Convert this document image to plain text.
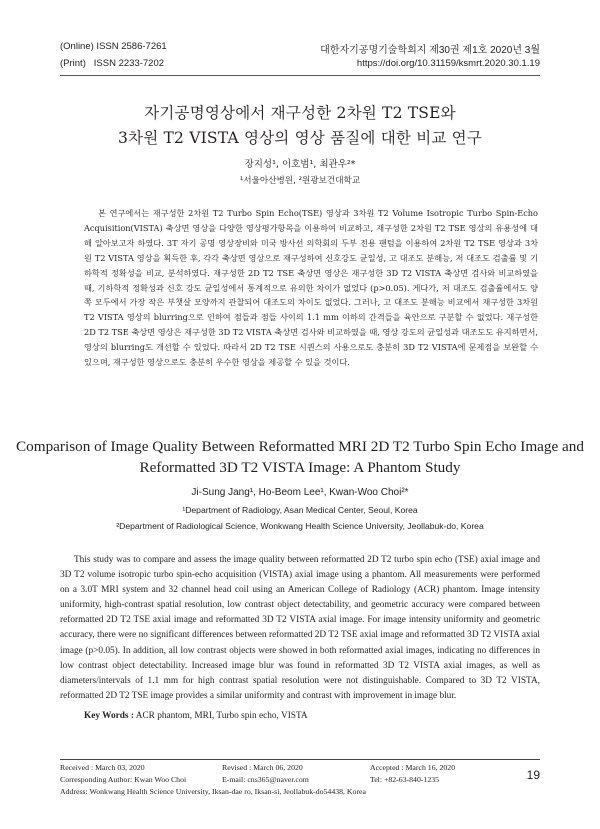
(Online) ISSN 2586-7261
(Print)   ISSN 2233-7202
대한자기공명기술학회지 제30권 제1호 2020년 3월
https://doi.org/10.31159/ksmrt.2020.30.1.19
자기공명영상에서 재구성한 2차원 T2 TSE와
3차원 T2 VISTA 영상의 영상 품질에 대한 비교 연구
장지성¹, 이호범¹, 최관우²*
¹서울아산병원, ²원광보건대학교
본 연구에서는 재구성한 2차원 T2 Turbo Spin Echo(TSE) 영상과 3차원 T2 Volume Isotropic Turbo Spin-Echo Acquisition(VISTA) 축상면 영상을 다양한 영상평가항목을 이용하여 비교하고, 재구성한 2차원 T2 TSE 영상의 유용성에 대해 알아보고자 하였다. 3T 자기 공명 영상장비와 미국 방사선 의학회의 두부 전용 팬텀을 이용하여 2차원 T2 TSE 영상과 3차원 T2 VISTA 영상을 획득한 후, 각각 축상면 영상으로 재구성하여 신호강도 균일성, 고 대조도 분해능, 저 대조도 검출률 및 기하학적 정확성을 비교, 분석하였다. 재구성한 2D T2 TSE 축상면 영상은 재구성한 3D T2 VISTA 축상면 검사와 비교하였을 때, 기하학적 정확성과 신호 강도 균일성에서 통계적으로 유의한 차이가 없었다 (p>0.05). 게다가, 저 대조도 검출률에서도 양쪽 모두에서 가장 작은 부챗살 모양까지 관찰되어 대조도의 차이도 없었다. 그러나, 고 대조도 분해능 비교에서 재구성한 3차원 T2 VISTA 영상의 blurring으로 인하여 점들과 점들 사이의 1.1 mm 이하의 간격들을 육안으로 구분할 수 없었다. 재구성한 2D T2 TSE 축상면 영상은 재구성한 3D T2 VISTA 축상면 검사와 비교하였을 때, 영상 강도의 균일성과 대조도도 유지하면서, 영상의 blurring도 개선할 수 있었다. 따라서 2D T2 TSE 시퀀스의 사용으로도 충분히 3D T2 VISTA에 문제점을 보완할 수 있으며, 재구성한 영상으로도 충분히 우수한 영상을 제공할 수 있을 것이다.
Comparison of Image Quality Between Reformatted MRI 2D T2 Turbo Spin Echo Image and
Reformatted 3D T2 VISTA Image: A Phantom Study
Ji-Sung Jang¹, Ho-Beom Lee¹, Kwan-Woo Choi²*
¹Department of Radiology, Asan Medical Center, Seoul, Korea
²Department of Radiological Science, Wonkwang Health Science University, Jeollabuk-do, Korea
This study was to compare and assess the image quality between reformatted 2D T2 turbo spin echo (TSE) axial image and 3D T2 volume isotropic turbo spin-echo acquisition (VISTA) axial image using a phantom. All measurements were performed on a 3.0T MRI system and 32 channel head coil using an American College of Radiology (ACR) phantom. Image intensity uniformity, high-contrast spatial resolution, low contrast object detectability, and geometric accuracy were compared between reformatted 2D T2 TSE axial image and reformatted 3D T2 VISTA axial image. For image intensity uniformity and geometric accuracy, there were no significant differences between reformatted 2D T2 TSE axial image and reformatted 3D T2 VISTA axial image (p>0.05). In addition, all low contrast objects were showed in both reformatted axial images, indicating no differences in low contrast object detectability. Increased image blur was found in reformatted 3D T2 VISTA axial images, as well as diameters/intervals of 1.1 mm for high contrast spatial resolution were not distinguishable. Compared to 3D T2 VISTA, reformatted 2D T2 TSE image provides a similar uniformity and contrast with improvement in image blur.
Key Words : ACR phantom, MRI, Turbo spin echo, VISTA
Received : March 03, 2020	Revised : March 06, 2020	Accepted : March 16, 2020
Corresponding Author: Kwan Woo Choi	E-mail: cns365@naver.com	Tel: +82-63-840-1235
Address: Wonkwang Health Science University, Iksan-dae ro, Iksan-si, Jeollabuk-do54438, Korea
19
